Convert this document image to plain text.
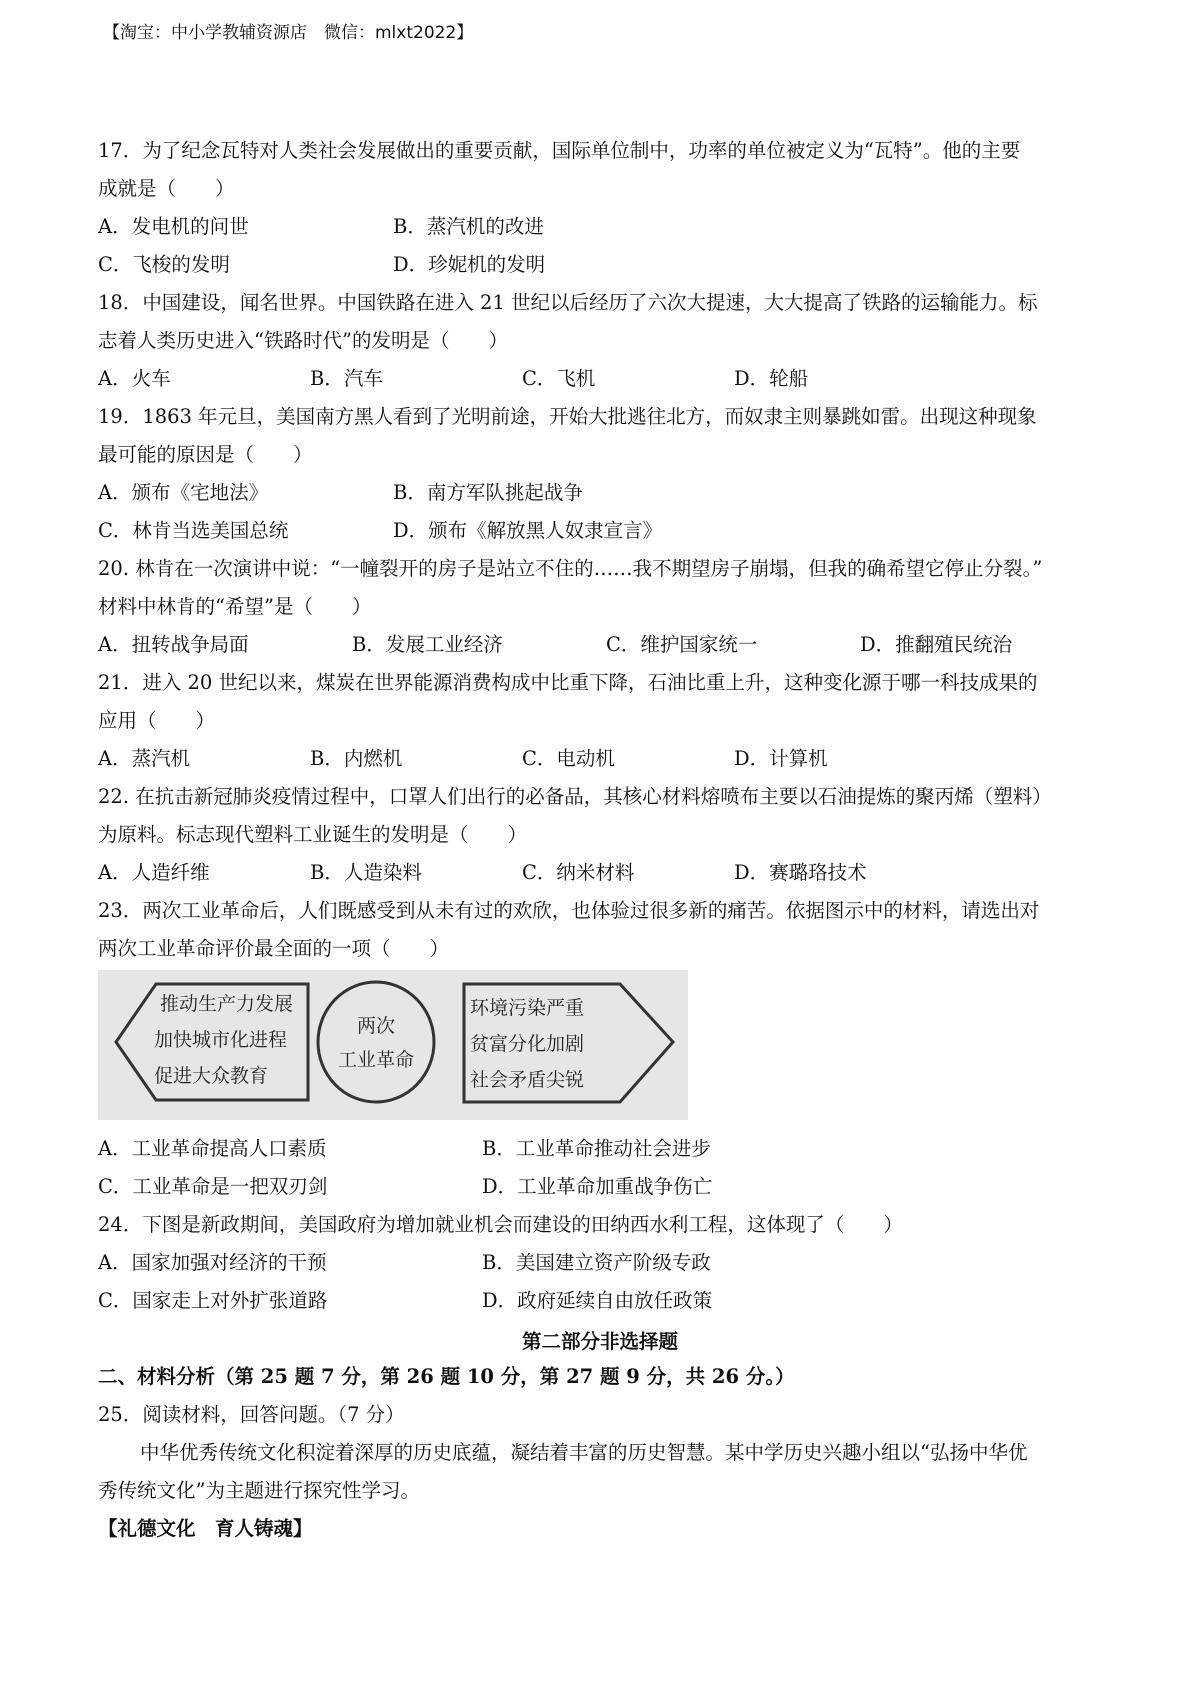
【淘宝：中小学教辅资源店　微信：mlxt2022】
17．为了纪念瓦特对人类社会发展做出的重要贡献，国际单位制中，功率的单位被定义为“瓦特”。他的主要
成就是（　　）
A．发电机的问世	B．蒸汽机的改进
C．飞梭的发明	D．珍妮机的发明
18．中国建设，闻名世界。中国铁路在进入 21 世纪以后经历了六次大提速，大大提高了铁路的运输能力。标
志着人类历史进入“铁路时代”的发明是（　　）
A．火车	B．汽车	C．飞机	D．轮船
19．1863 年元旦，美国南方黑人看到了光明前途，开始大批逃往北方，而奴隶主则暴跳如雷。出现这种现象
最可能的原因是（　　）
A．颁布《宅地法》	B．南方军队挑起战争
C．林肯当选美国总统	D．颁布《解放黑人奴隶宣言》
20. 林肯在一次演讲中说：“一幢裂开的房子是站立不住的……我不期望房子崩塌，但我的确希望它停止分裂。”
材料中林肯的“希望”是（　　）
A．扭转战争局面	B．发展工业经济	C．维护国家统一	D．推翻殖民统治
21．进入 20 世纪以来，煤炭在世界能源消费构成中比重下降，石油比重上升，这种变化源于哪一科技成果的
应用（　　）
A．蒸汽机	B．内燃机	C．电动机	D．计算机
22. 在抗击新冠肺炎疫情过程中，口罩人们出行的必备品，其核心材料熔喷布主要以石油提炼的聚丙烯（塑料）
为原料。标志现代塑料工业诞生的发明是（　　）
A．人造纤维	B．人造染料	C．纳米材料	D．赛璐珞技术
23．两次工业革命后，人们既感受到从未有过的欢欣，也体验过很多新的痛苦。依据图示中的材料，请选出对
两次工业革命评价最全面的一项（　　）
推动生产力发展
加快城市化进程
促进大众教育
两次
工业革命
环境污染严重
贫富分化加剧
社会矛盾尖锐
A．工业革命提高人口素质	B．工业革命推动社会进步
C．工业革命是一把双刃剑	D．工业革命加重战争伤亡
24．下图是新政期间，美国政府为增加就业机会而建设的田纳西水利工程，这体现了（　　）
A．国家加强对经济的干预	B．美国建立资产阶级专政
C．国家走上对外扩张道路	D．政府延续自由放任政策
第二部分非选择题
二、材料分析（第 25 题 7 分，第 26 题 10 分，第 27 题 9 分，共 26 分。）
25．阅读材料，回答问题。（7 分）
中华优秀传统文化积淀着深厚的历史底蕴，凝结着丰富的历史智慧。某中学历史兴趣小组以“弘扬中华优
秀传统文化”为主题进行探究性学习。
【礼德文化　育人铸魂】
